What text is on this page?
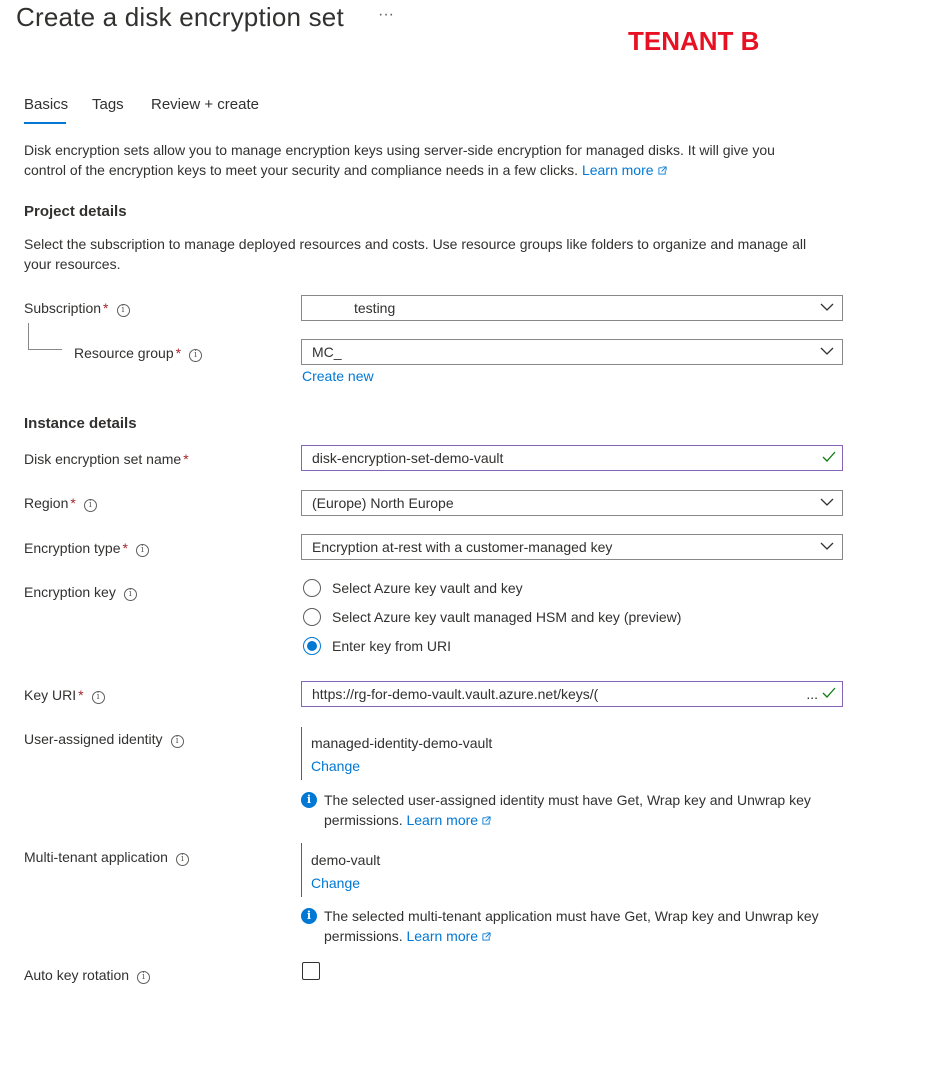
Create a disk encryption set ···
TENANT B
Basics Tags Review + create
Disk encryption sets allow you to manage encryption keys using server-side encryption for managed disks. It will give you
control of the encryption keys to meet your security and compliance needs in a few clicks. Learn more
Project details
Select the subscription to manage deployed resources and costs. Use resource groups like folders to organize and manage all
your resources.
Subscription * i	testing
Resource group * i	MC_
Create new
Instance details
Disk encryption set name *	disk-encryption-set-demo-vault
Region * i	(Europe) North Europe
Encryption type * i	Encryption at-rest with a customer-managed key
Encryption key i	Select Azure key vault and key
Select Azure key vault managed HSM and key (preview)
Enter key from URI
Key URI * i	https://rg-for-demo-vault.vault.azure.net/keys/(	...
User-assigned identity i	managed-identity-demo-vault
Change
i The selected user-assigned identity must have Get, Wrap key and Unwrap key
permissions. Learn more
Multi-tenant application i	demo-vault
Change
i The selected multi-tenant application must have Get, Wrap key and Unwrap key
permissions. Learn more
Auto key rotation i
